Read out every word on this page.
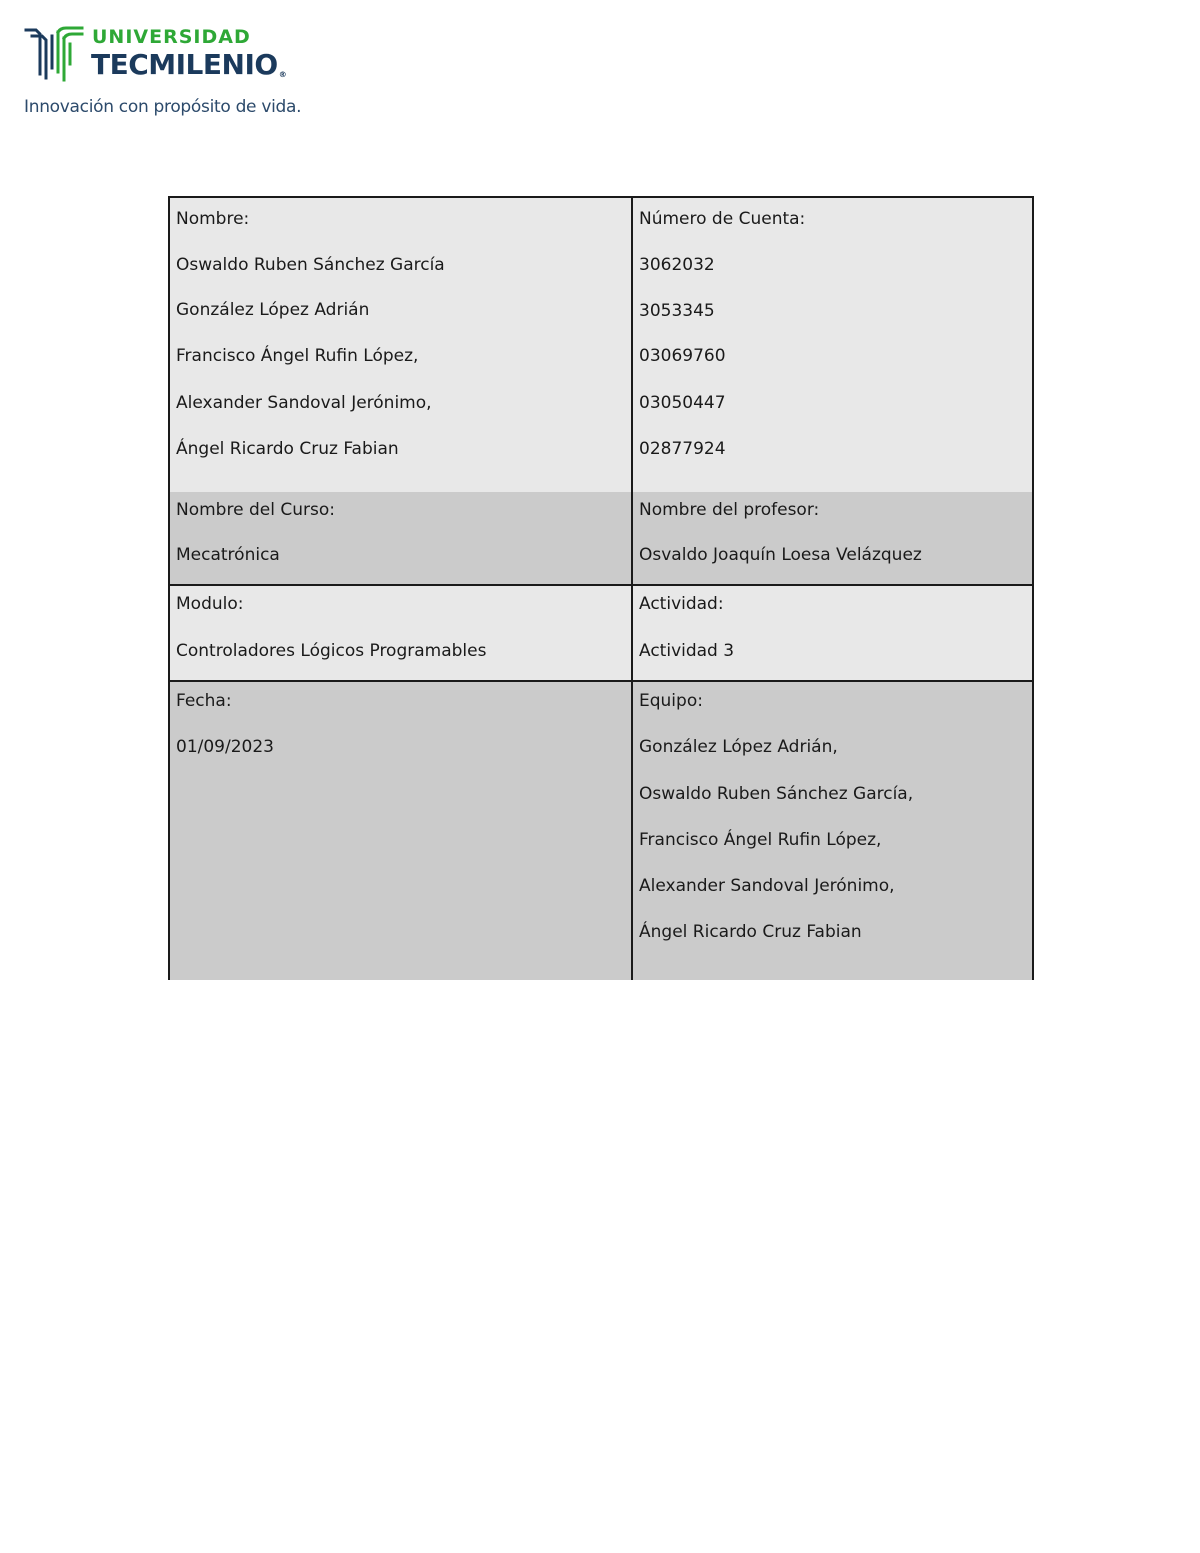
UNIVERSIDAD
TECMILENIO®
Innovación con propósito de vida.
Nombre:
Oswaldo Ruben Sánchez García
González López Adrián
Francisco Ángel Rufin López,
Alexander Sandoval Jerónimo,
Ángel Ricardo Cruz Fabian
Número de Cuenta:
3062032
3053345
03069760
03050447
02877924
Nombre del Curso:
Mecatrónica
Nombre del profesor:
Osvaldo Joaquín Loesa Velázquez
Modulo:
Controladores Lógicos Programables
Actividad:
Actividad 3
Fecha:
01/09/2023
Equipo:
González López Adrián,
Oswaldo Ruben Sánchez García,
Francisco Ángel Rufin López,
Alexander Sandoval Jerónimo,
Ángel Ricardo Cruz Fabian
